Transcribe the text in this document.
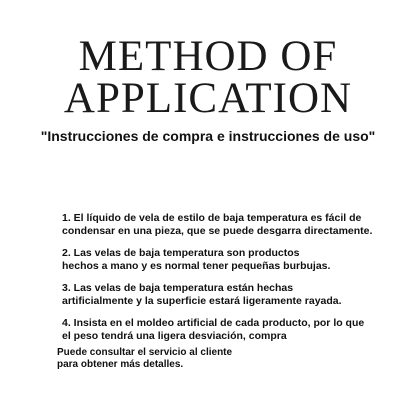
METHOD OF
APPLICATION
"Instrucciones de compra e instrucciones de uso"
1. El líquido de vela de estilo de baja temperatura es fácil de
condensar en una pieza, que se puede desgarra directamente.
2. Las velas de baja temperatura son productos
hechos a mano y es normal tener pequeñas burbujas.
3. Las velas de baja temperatura están hechas
artificialmente y la superficie estará ligeramente rayada.
4. Insista en el moldeo artificial de cada producto, por lo que
el peso tendrá una ligera desviación, compra
Puede consultar el servicio al cliente
para obtener más detalles.
